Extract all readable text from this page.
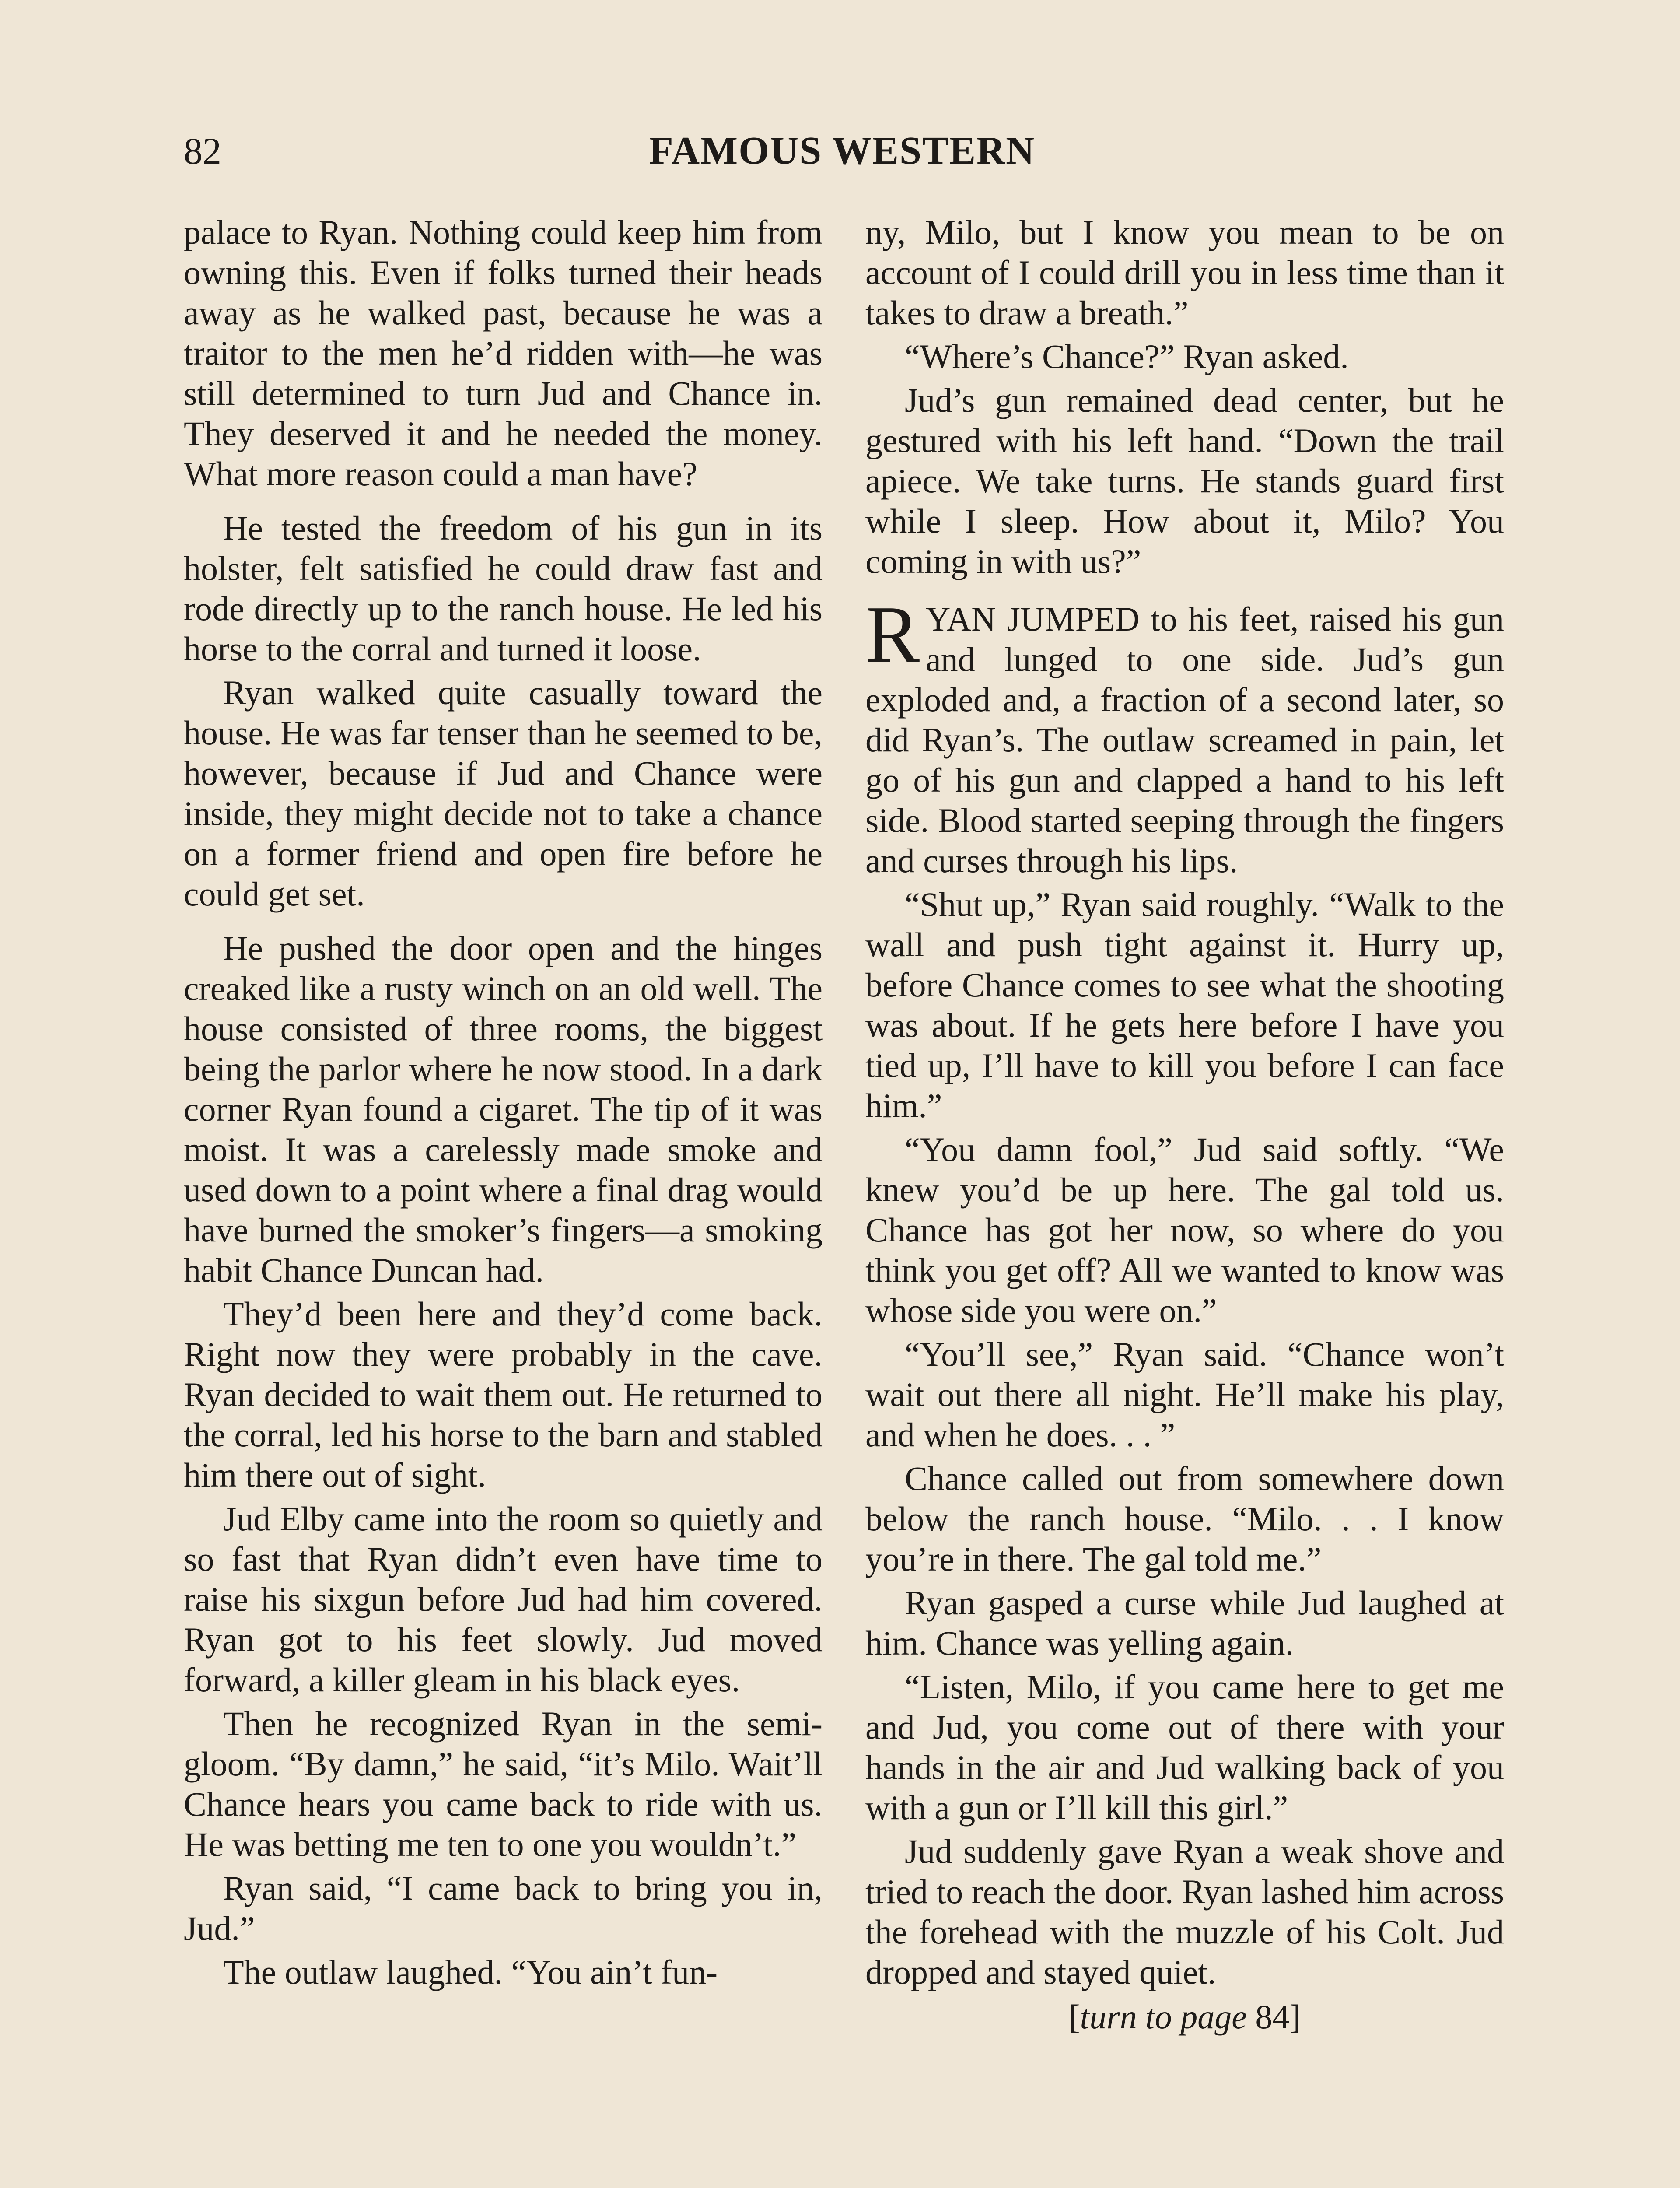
82	FAMOUS WESTERN

palace to Ryan. Nothing could keep him from owning this. Even if folks turned their heads away as he walked past, because he was a traitor to the men he’d ridden with—he was still determined to turn Jud and Chance in. They deserved it and he needed the money. What more reason could a man have?

He tested the freedom of his gun in its holster, felt satisfied he could draw fast and rode directly up to the ranch house. He led his horse to the corral and turned it loose.

Ryan walked quite casually toward the house. He was far tenser than he seemed to be, however, because if Jud and Chance were inside, they might decide not to take a chance on a former friend and open fire before he could get set.

He pushed the door open and the hinges creaked like a rusty winch on an old well. The house consisted of three rooms, the biggest being the parlor where he now stood. In a dark corner Ryan found a cigaret. The tip of it was moist. It was a carelessly made smoke and used down to a point where a final drag would have burned the smoker’s fingers—a smoking habit Chance Duncan had.

They’d been here and they’d come back. Right now they were probably in the cave. Ryan decided to wait them out. He returned to the corral, led his horse to the barn and stabled him there out of sight.

Jud Elby came into the room so quietly and so fast that Ryan didn’t even have time to raise his sixgun before Jud had him covered. Ryan got to his feet slowly. Jud moved forward, a killer gleam in his black eyes.

Then he recognized Ryan in the semi-gloom. “By damn,” he said, “it’s Milo. Wait’ll Chance hears you came back to ride with us. He was betting me ten to one you wouldn’t.”

Ryan said, “I came back to bring you in, Jud.”

The outlaw laughed. “You ain’t fun-

ny, Milo, but I know you mean to be on account of I could drill you in less time than it takes to draw a breath.”

“Where’s Chance?” Ryan asked.

Jud’s gun remained dead center, but he gestured with his left hand. “Down the trail apiece. We take turns. He stands guard first while I sleep. How about it, Milo? You coming in with us?”

RYAN JUMPED to his feet, raised his gun and lunged to one side. Jud’s gun exploded and, a fraction of a second later, so did Ryan’s. The outlaw screamed in pain, let go of his gun and clapped a hand to his left side. Blood started seeping through the fingers and curses through his lips.

“Shut up,” Ryan said roughly. “Walk to the wall and push tight against it. Hurry up, before Chance comes to see what the shooting was about. If he gets here before I have you tied up, I’ll have to kill you before I can face him.”

“You damn fool,” Jud said softly. “We knew you’d be up here. The gal told us. Chance has got her now, so where do you think you get off? All we wanted to know was whose side you were on.”

“You’ll see,” Ryan said. “Chance won’t wait out there all night. He’ll make his play, and when he does. . . ”

Chance called out from somewhere down below the ranch house. “Milo. . . I know you’re in there. The gal told me.”

Ryan gasped a curse while Jud laughed at him. Chance was yelling again.

“Listen, Milo, if you came here to get me and Jud, you come out of there with your hands in the air and Jud walking back of you with a gun or I’ll kill this girl.”

Jud suddenly gave Ryan a weak shove and tried to reach the door. Ryan lashed him across the forehead with the muzzle of his Colt. Jud dropped and stayed quiet.

[turn to page 84]
